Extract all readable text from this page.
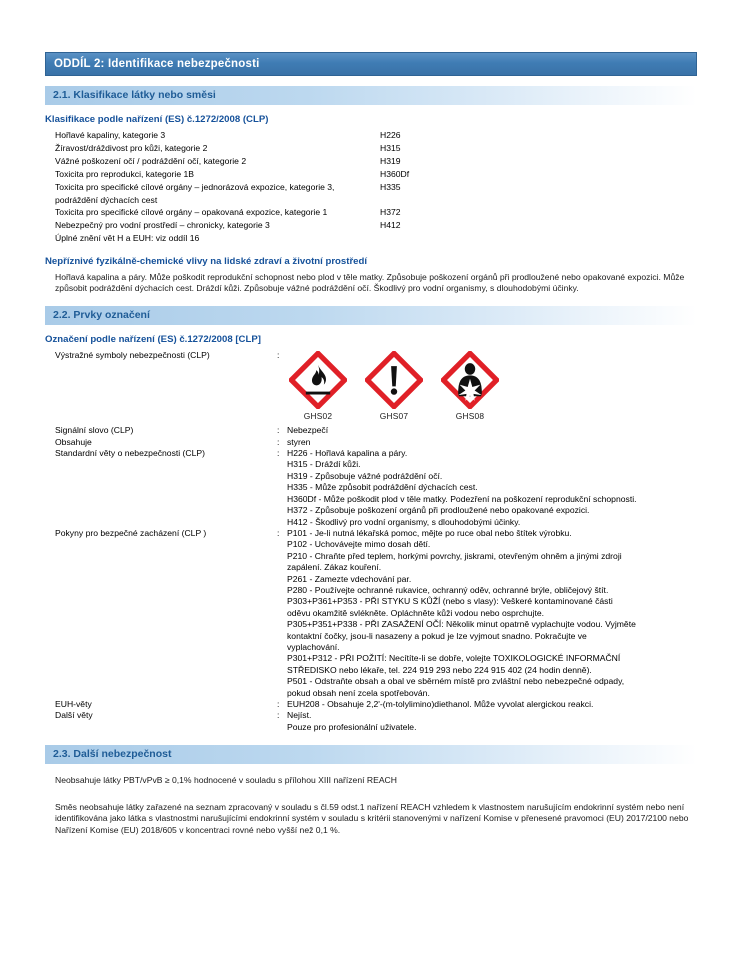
ODDÍL 2: Identifikace nebezpečnosti
2.1. Klasifikace látky nebo směsi
Klasifikace podle nařízení (ES) č.1272/2008 (CLP)
Hořlavé kapaliny, kategorie 3	H226
Žíravost/dráždivost pro kůži, kategorie 2	H315
Vážné poškození očí / podráždění očí, kategorie 2	H319
Toxicita pro reprodukci, kategorie 1B	H360Df
Toxicita pro specifické cílové orgány – jednorázová expozice, kategorie 3,	H335
podráždění dýchacích cest
Toxicita pro specifické cílové orgány – opakovaná expozice, kategorie 1	H372
Nebezpečný pro vodní prostředí – chronicky, kategorie 3	H412
Úplné znění vět H a EUH: viz oddíl 16
Nepříznivé fyzikálně-chemické vlivy na lidské zdraví a životní prostředí
Hořlavá kapalina a páry. Může poškodit reprodukční schopnost nebo plod v těle matky. Způsobuje poškození orgánů při prodloužené nebo opakované expozici. Může způsobit podráždění dýchacích cest. Dráždí kůži. Způsobuje vážné podráždění očí. Škodlivý pro vodní organismy, s dlouhodobými účinky.
2.2. Prvky označení
Označení podle nařízení (ES) č.1272/2008 [CLP]
Výstražné symboly nebezpečnosti (CLP)	:
GHS02	GHS07	GHS08
Signální slovo (CLP)	: Nebezpečí
Obsahuje	: styren
Standardní věty o nebezpečnosti (CLP)	: H226 - Hořlavá kapalina a páry.
H315 - Dráždí kůži.
H319 - Způsobuje vážné podráždění očí.
H335 - Může způsobit podráždění dýchacích cest.
H360Df - Může poškodit plod v těle matky. Podezření na poškození reprodukční schopnosti.
H372 - Způsobuje poškození orgánů při prodloužené nebo opakované expozici.
H412 - Škodlivý pro vodní organismy, s dlouhodobými účinky.
Pokyny pro bezpečné zacházení (CLP )	: P101 - Je-li nutná lékařská pomoc, mějte po ruce obal nebo štítek výrobku.
P102 - Uchovávejte mimo dosah dětí.
P210 - Chraňte před teplem, horkými povrchy, jiskrami, otevřeným ohněm a jinými zdroji
zapálení. Zákaz kouření.
P261 - Zamezte vdechování par.
P280 - Používejte ochranné rukavice, ochranný oděv, ochranné brýle, obličejový štít.
P303+P361+P353 - PŘI STYKU S KŮŽÍ (nebo s vlasy): Veškeré kontaminované části
oděvu okamžitě svlékněte. Opláchněte kůži vodou nebo osprchujte.
P305+P351+P338 - PŘI ZASAŽENÍ OČÍ: Několik minut opatrně vyplachujte vodou. Vyjměte
kontaktní čočky, jsou-li nasazeny a pokud je lze vyjmout snadno. Pokračujte ve
vyplachování.
P301+P312 - PŘI POŽITÍ: Necítíte-li se dobře, volejte TOXIKOLOGICKÉ INFORMAČNÍ
STŘEDISKO nebo lékaře, tel. 224 919 293 nebo 224 915 402 (24 hodin denně).
P501 - Odstraňte obsah a obal ve sběrném místě pro zvláštní nebo nebezpečné odpady,
pokud obsah není zcela spotřebován.
EUH-věty	: EUH208 - Obsahuje 2,2'-(m-tolylimino)diethanol. Může vyvolat alergickou reakci.
Další věty	: Nejíst.
Pouze pro profesionální uživatele.
2.3. Další nebezpečnost
Neobsahuje látky PBT/vPvB ≥ 0,1% hodnocené v souladu s přílohou XIII nařízení REACH
Směs neobsahuje látky zařazené na seznam zpracovaný v souladu s čl.59 odst.1 nařízení REACH vzhledem k vlastnostem narušujícím endokrinní systém nebo není identifikována jako látka s vlastnostmi narušujícími endokrinní systém v souladu s kritérii stanovenými v nařízení Komise v přenesené pravomoci (EU) 2017/2100 nebo Nařízení Komise (EU) 2018/605 v koncentraci rovné nebo vyšší než 0,1 %.
